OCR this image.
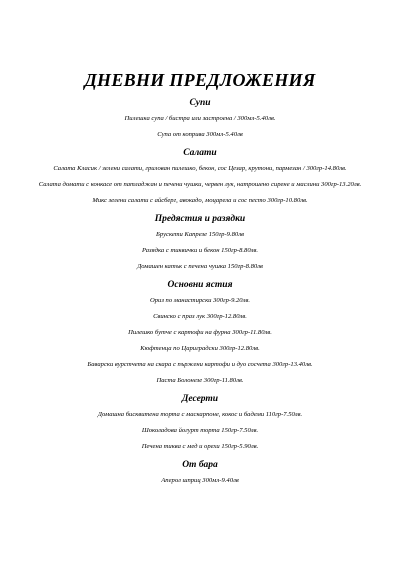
ДНЕВНИ ПРЕДЛОЖЕНИЯ
Супи
Пилешка супа / бистра или застроена / 300мл-5.40лв.
Супа от коприва 300мл-5.40лв
Салати
Салата Класик / зелени салати, грилован пилешко, бекон, сос Цезар, крутони, пармезан / 300гр-14.80лв.
Салата домати с конкасе от патладжан и печени чушки, червен лук, натрошено сирене и маслини 300гр-13.20лв.
Микс зелени салати с айсберг, авокадо, моцарела и сос песто 300гр-10.80лв.
Предястия и разядки
Брускети Капрезе 150гр-9.80лв
Разядка с тиквички и бекон 150гр-8.80лв.
Домашен катък с печена чушка 150гр-8.80лв
Основни ястия
Ориз по манастирски 300гр-9.20лв.
Свинско с праз лук 300гр-12.80лв.
Пилешко бутче с картофи на фурна 300гр-11.80лв.
Кюфтенца по Цариградски 300гр-12.80лв.
Баварски вурстчета на скара с пържени картофи и дуо сосчета 300гр-13.40лв.
Паста Болонезе 300гр-11.80лв.
Десерти
Домашна бисквитена торта с маскарпоне, кокос и бадеми 110гр-7.50лв.
Шоколадова йогурт торта 150гр-7.50лв.
Печена тиква с мед и орехи 150гр-5.90лв.
От бара
Аперол шприц 300мл-9.40лв
